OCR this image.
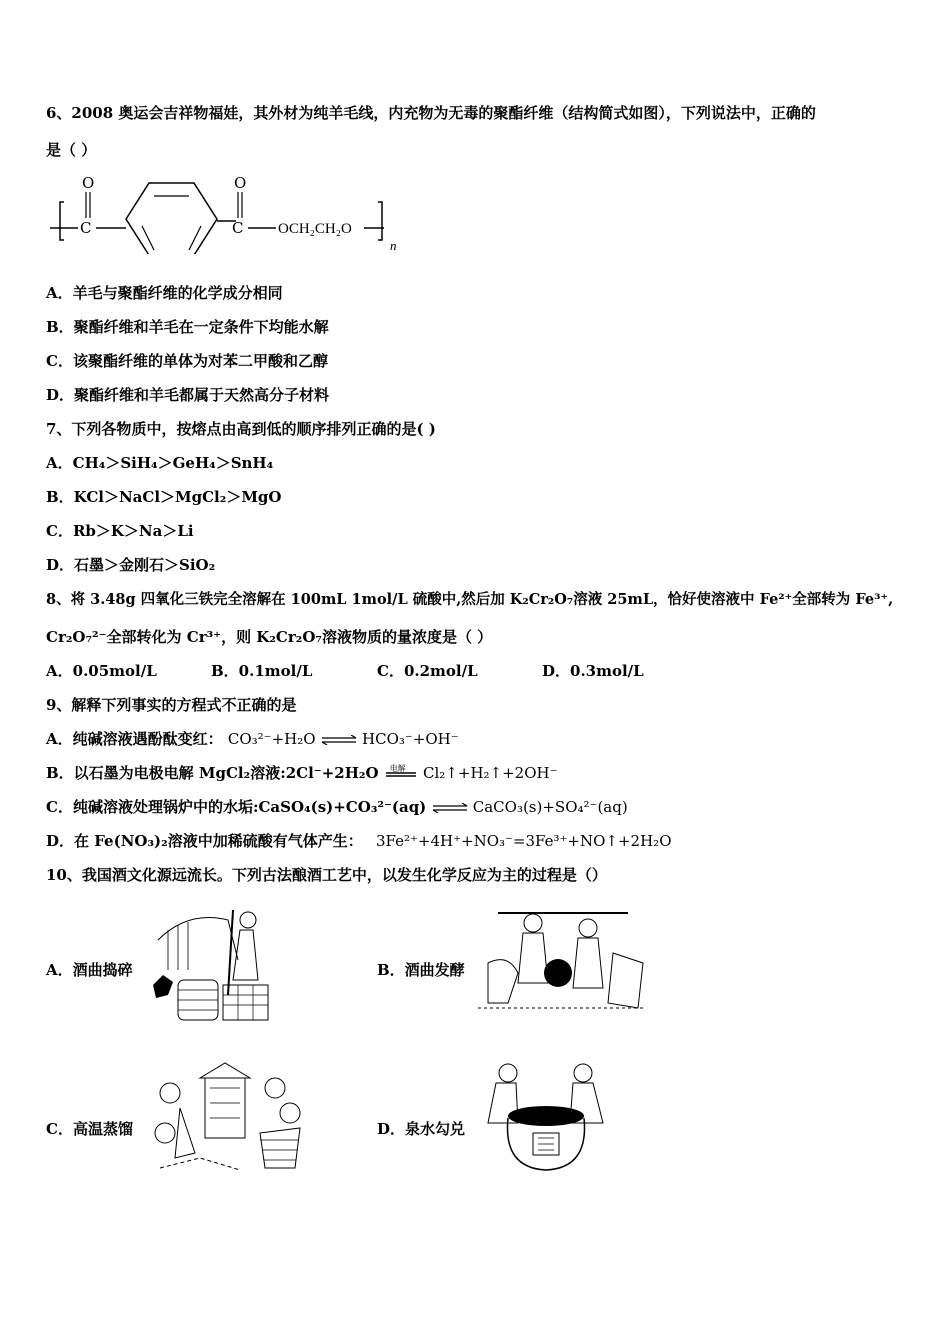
6、2008 奥运会吉祥物福娃，其外材为纯羊毛线，内充物为无毒的聚酯纤维（结构简式如图），下列说法中，正确的
是（ ）
O
C
O
C OCH₂CH₂O
n
A．羊毛与聚酯纤维的化学成分相同
B．聚酯纤维和羊毛在一定条件下均能水解
C．该聚酯纤维的单体为对苯二甲酸和乙醇
D．聚酯纤维和羊毛都属于天然高分子材料
7、下列各物质中，按熔点由高到低的顺序排列正确的是( )
A．CH₄＞SiH₄＞GeH₄＞SnH₄
B．KCl＞NaCl＞MgCl₂＞MgO
C．Rb＞K＞Na＞Li
D．石墨＞金刚石＞SiO₂
8、将 3.48g 四氧化三铁完全溶解在 100mL 1mol/L 硫酸中,然后加 K₂Cr₂O₇溶液 25mL，恰好使溶液中 Fe²⁺全部转为 Fe³⁺,
Cr₂O₇²⁻全部转化为 Cr³⁺，则 K₂Cr₂O₇溶液物质的量浓度是（ ）
A．0.05mol/L	B．0.1mol/L	C．0.2mol/L	D．0.3mol/L
9、解释下列事实的方程式不正确的是
A．纯碱溶液遇酚酞变红： CO₃²⁻+H₂O ⇌ HCO₃⁻+OH⁻
B．以石墨为电极电解 MgCl₂溶液:2Cl⁻+2H₂O 电解 Cl₂↑+H₂↑+2OH⁻
C．纯碱溶液处理锅炉中的水垢:CaSO₄(s)+CO₃²⁻(aq) ⇌ CaCO₃(s)+SO₄²⁻(aq)
D．在 Fe(NO₃)₂溶液中加稀硫酸有气体产生： 3Fe²⁺+4H⁺+NO₃⁻=3Fe³⁺+NO↑+2H₂O
10、我国酒文化源远流长。下列古法酿酒工艺中，以发生化学反应为主的过程是（）
A．酒曲捣碎	B．酒曲发酵
C．高温蒸馏	D．泉水勾兑
